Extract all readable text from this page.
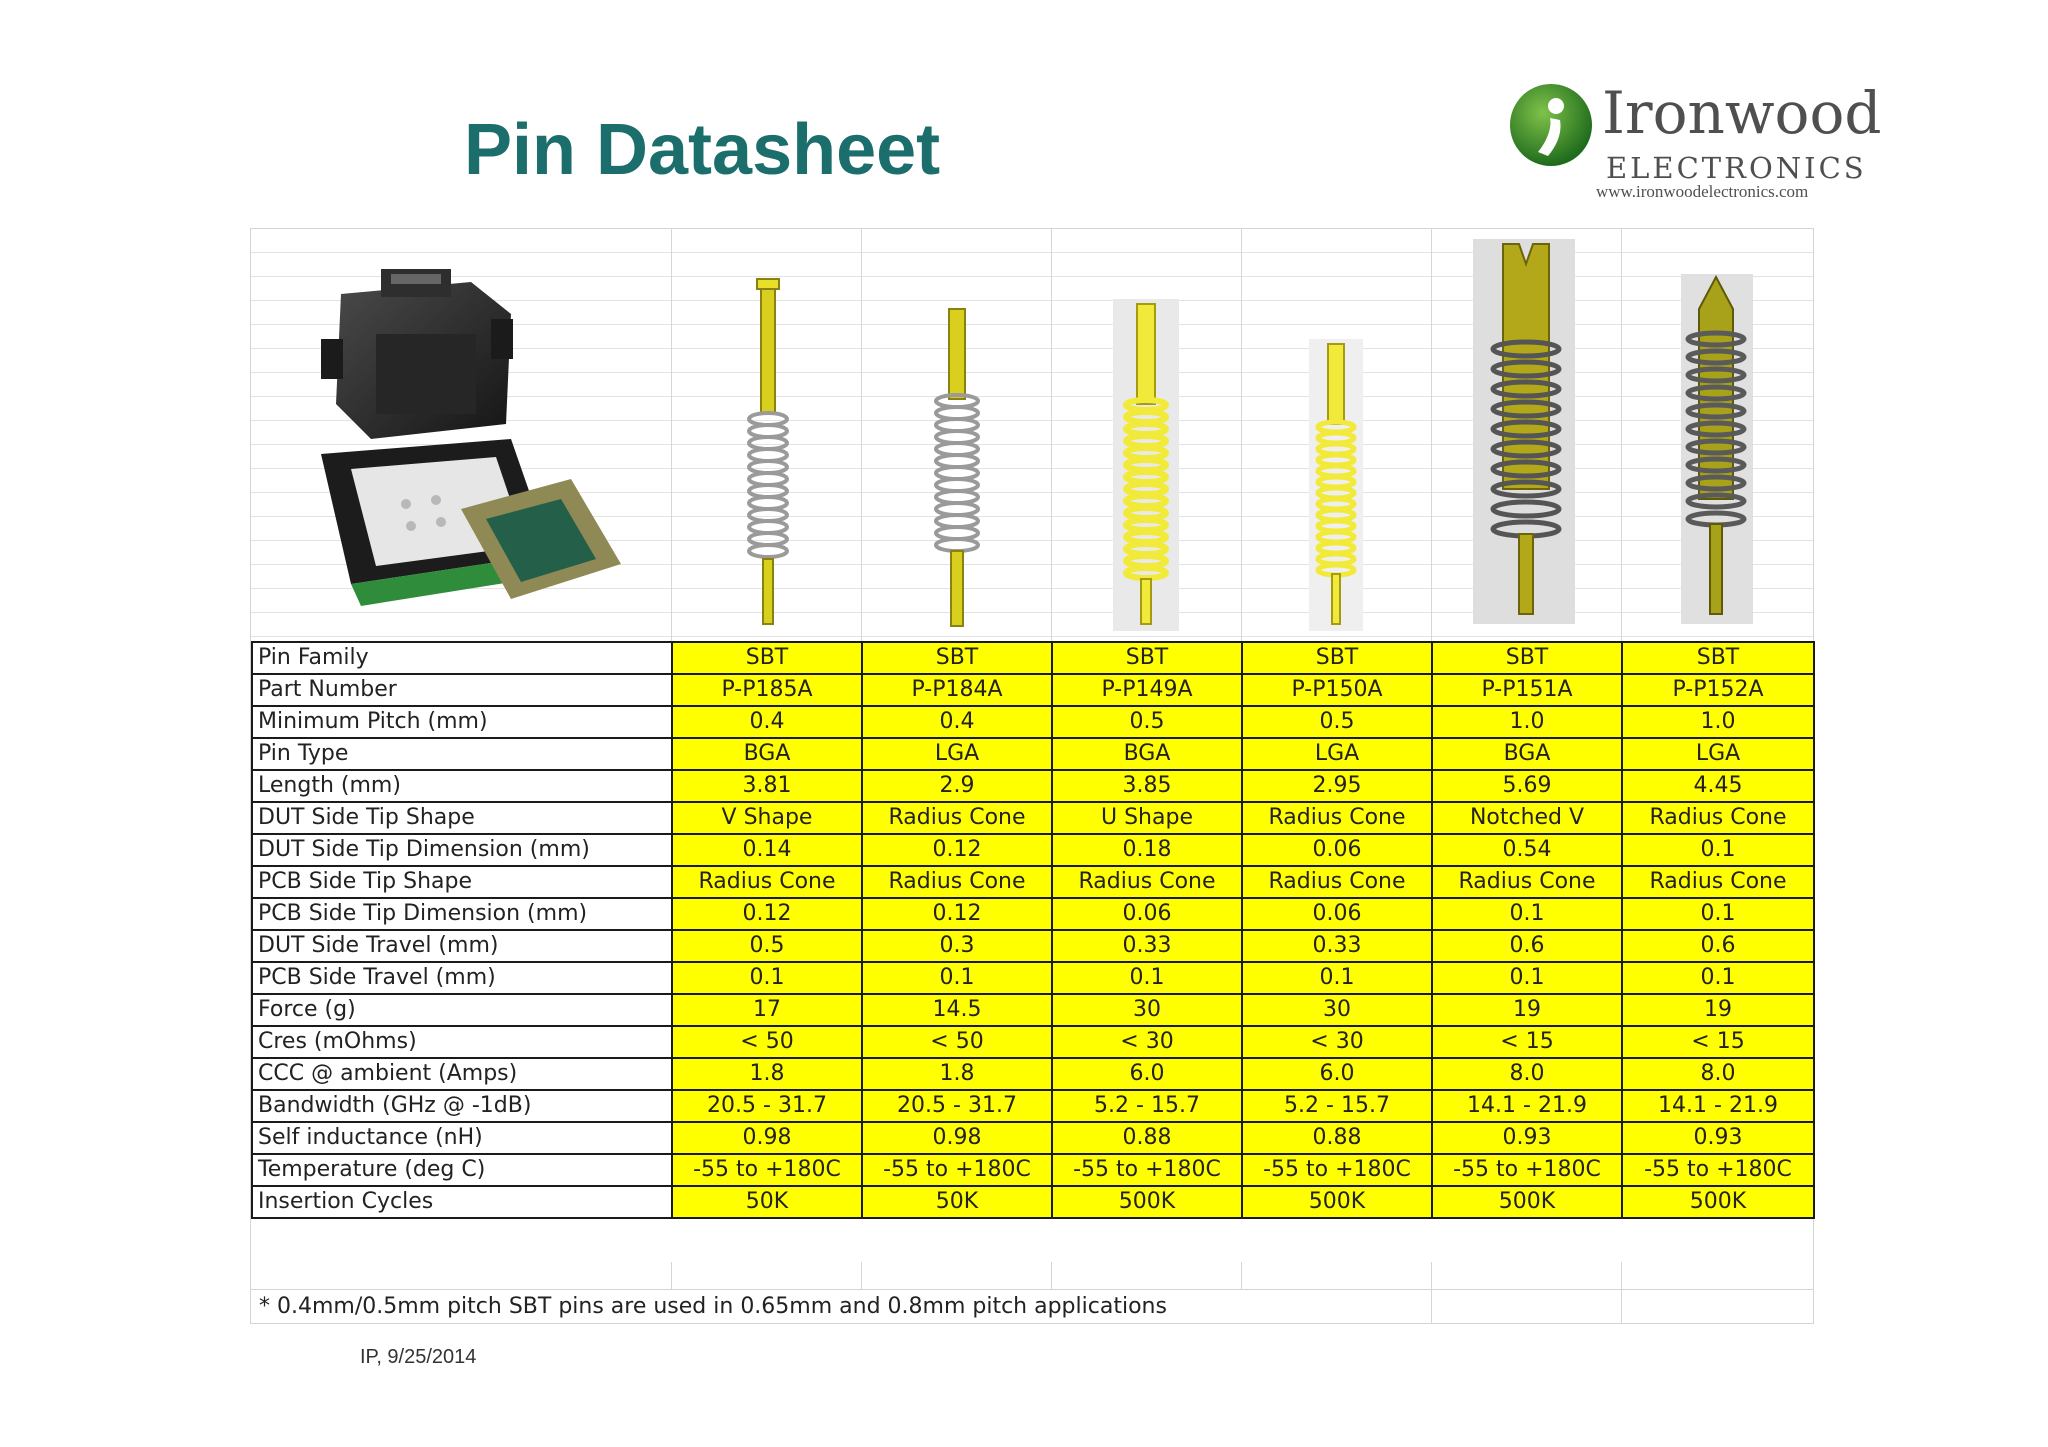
Pin Datasheet	Ironwood
ELECTRONICS
www.ironwoodelectronics.com
Pin Family	SBT	SBT	SBT	SBT	SBT	SBT
Part Number	P-P185A	P-P184A	P-P149A	P-P150A	P-P151A	P-P152A
Minimum Pitch (mm)	0.4	0.4	0.5	0.5	1.0	1.0
Pin Type	BGA	LGA	BGA	LGA	BGA	LGA
Length (mm)	3.81	2.9	3.85	2.95	5.69	4.45
DUT Side Tip Shape	V Shape	Radius Cone	U Shape	Radius Cone	Notched V	Radius Cone
DUT Side Tip Dimension (mm)	0.14	0.12	0.18	0.06	0.54	0.1
PCB Side Tip Shape	Radius Cone	Radius Cone	Radius Cone	Radius Cone	Radius Cone	Radius Cone
PCB Side Tip Dimension (mm)	0.12	0.12	0.06	0.06	0.1	0.1
DUT Side Travel (mm)	0.5	0.3	0.33	0.33	0.6	0.6
PCB Side Travel (mm)	0.1	0.1	0.1	0.1	0.1	0.1
Force (g)	17	14.5	30	30	19	19
Cres (mOhms)	< 50	< 50	< 30	< 30	< 15	< 15
CCC @ ambient (Amps)	1.8	1.8	6.0	6.0	8.0	8.0
Bandwidth (GHz @ -1dB)	20.5 - 31.7	20.5 - 31.7	5.2 - 15.7	5.2 - 15.7	14.1 - 21.9	14.1 - 21.9
Self inductance (nH)	0.98	0.98	0.88	0.88	0.93	0.93
Temperature (deg C)	-55 to +180C	-55 to +180C	-55 to +180C	-55 to +180C	-55 to +180C	-55 to +180C
Insertion Cycles	50K	50K	500K	500K	500K	500K
* 0.4mm/0.5mm pitch SBT pins are used in 0.65mm and 0.8mm pitch applications
IP, 9/25/2014
